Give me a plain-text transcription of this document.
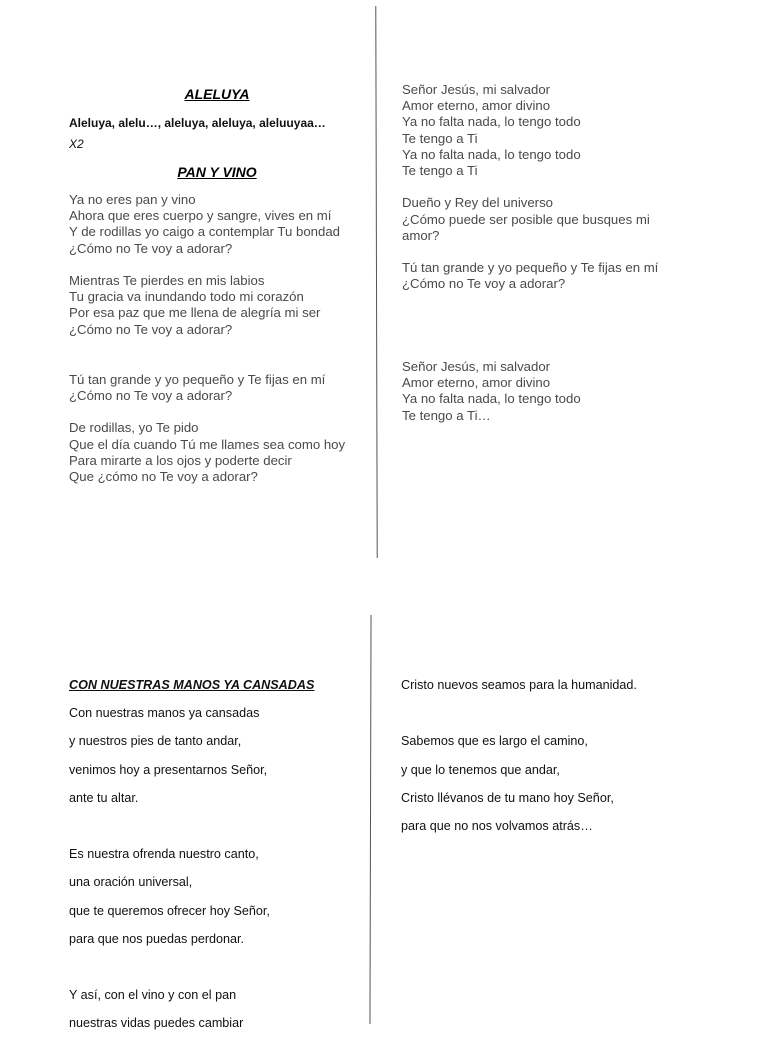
ALELUYA
Aleluya, alelu…, aleluya, aleluya, aleluuyaa…
X2
PAN Y VINO
Ya no eres pan y vino
Ahora que eres cuerpo y sangre, vives en mí
Y de rodillas yo caigo a contemplar Tu bondad
¿Cómo no Te voy a adorar?
Mientras Te pierdes en mis labios
Tu gracia va inundando todo mi corazón
Por esa paz que me llena de alegría mi ser
¿Cómo no Te voy a adorar?
Tú tan grande y yo pequeño y Te fijas en mí
¿Cómo no Te voy a adorar?
De rodillas, yo Te pido
Que el día cuando Tú me llames sea como hoy
Para mirarte a los ojos y poderte decir
Que ¿cómo no Te voy a adorar?
Señor Jesús, mi salvador
Amor eterno, amor divino
Ya no falta nada, lo tengo todo
Te tengo a Ti
Ya no falta nada, lo tengo todo
Te tengo a Ti
Dueño y Rey del universo
¿Cómo puede ser posible que busques mi
amor?
Tú tan grande y yo pequeño y Te fijas en mí
¿Cómo no Te voy a adorar?
Señor Jesús, mi salvador
Amor eterno, amor divino
Ya no falta nada, lo tengo todo
Te tengo a Ti…
CON NUESTRAS MANOS YA CANSADAS
Con nuestras manos ya cansadas
y nuestros pies de tanto andar,
venimos hoy a presentarnos Señor,
ante tu altar.
Es nuestra ofrenda nuestro canto,
una oración universal,
que te queremos ofrecer hoy Señor,
para que nos puedas perdonar.
Y así, con el vino y con el pan
nuestras vidas puedes cambiar
Cristo nuevos seamos para la humanidad.
Sabemos que es largo el camino,
y que lo tenemos que andar,
Cristo llévanos de tu mano hoy Señor,
para que no nos volvamos atrás…
